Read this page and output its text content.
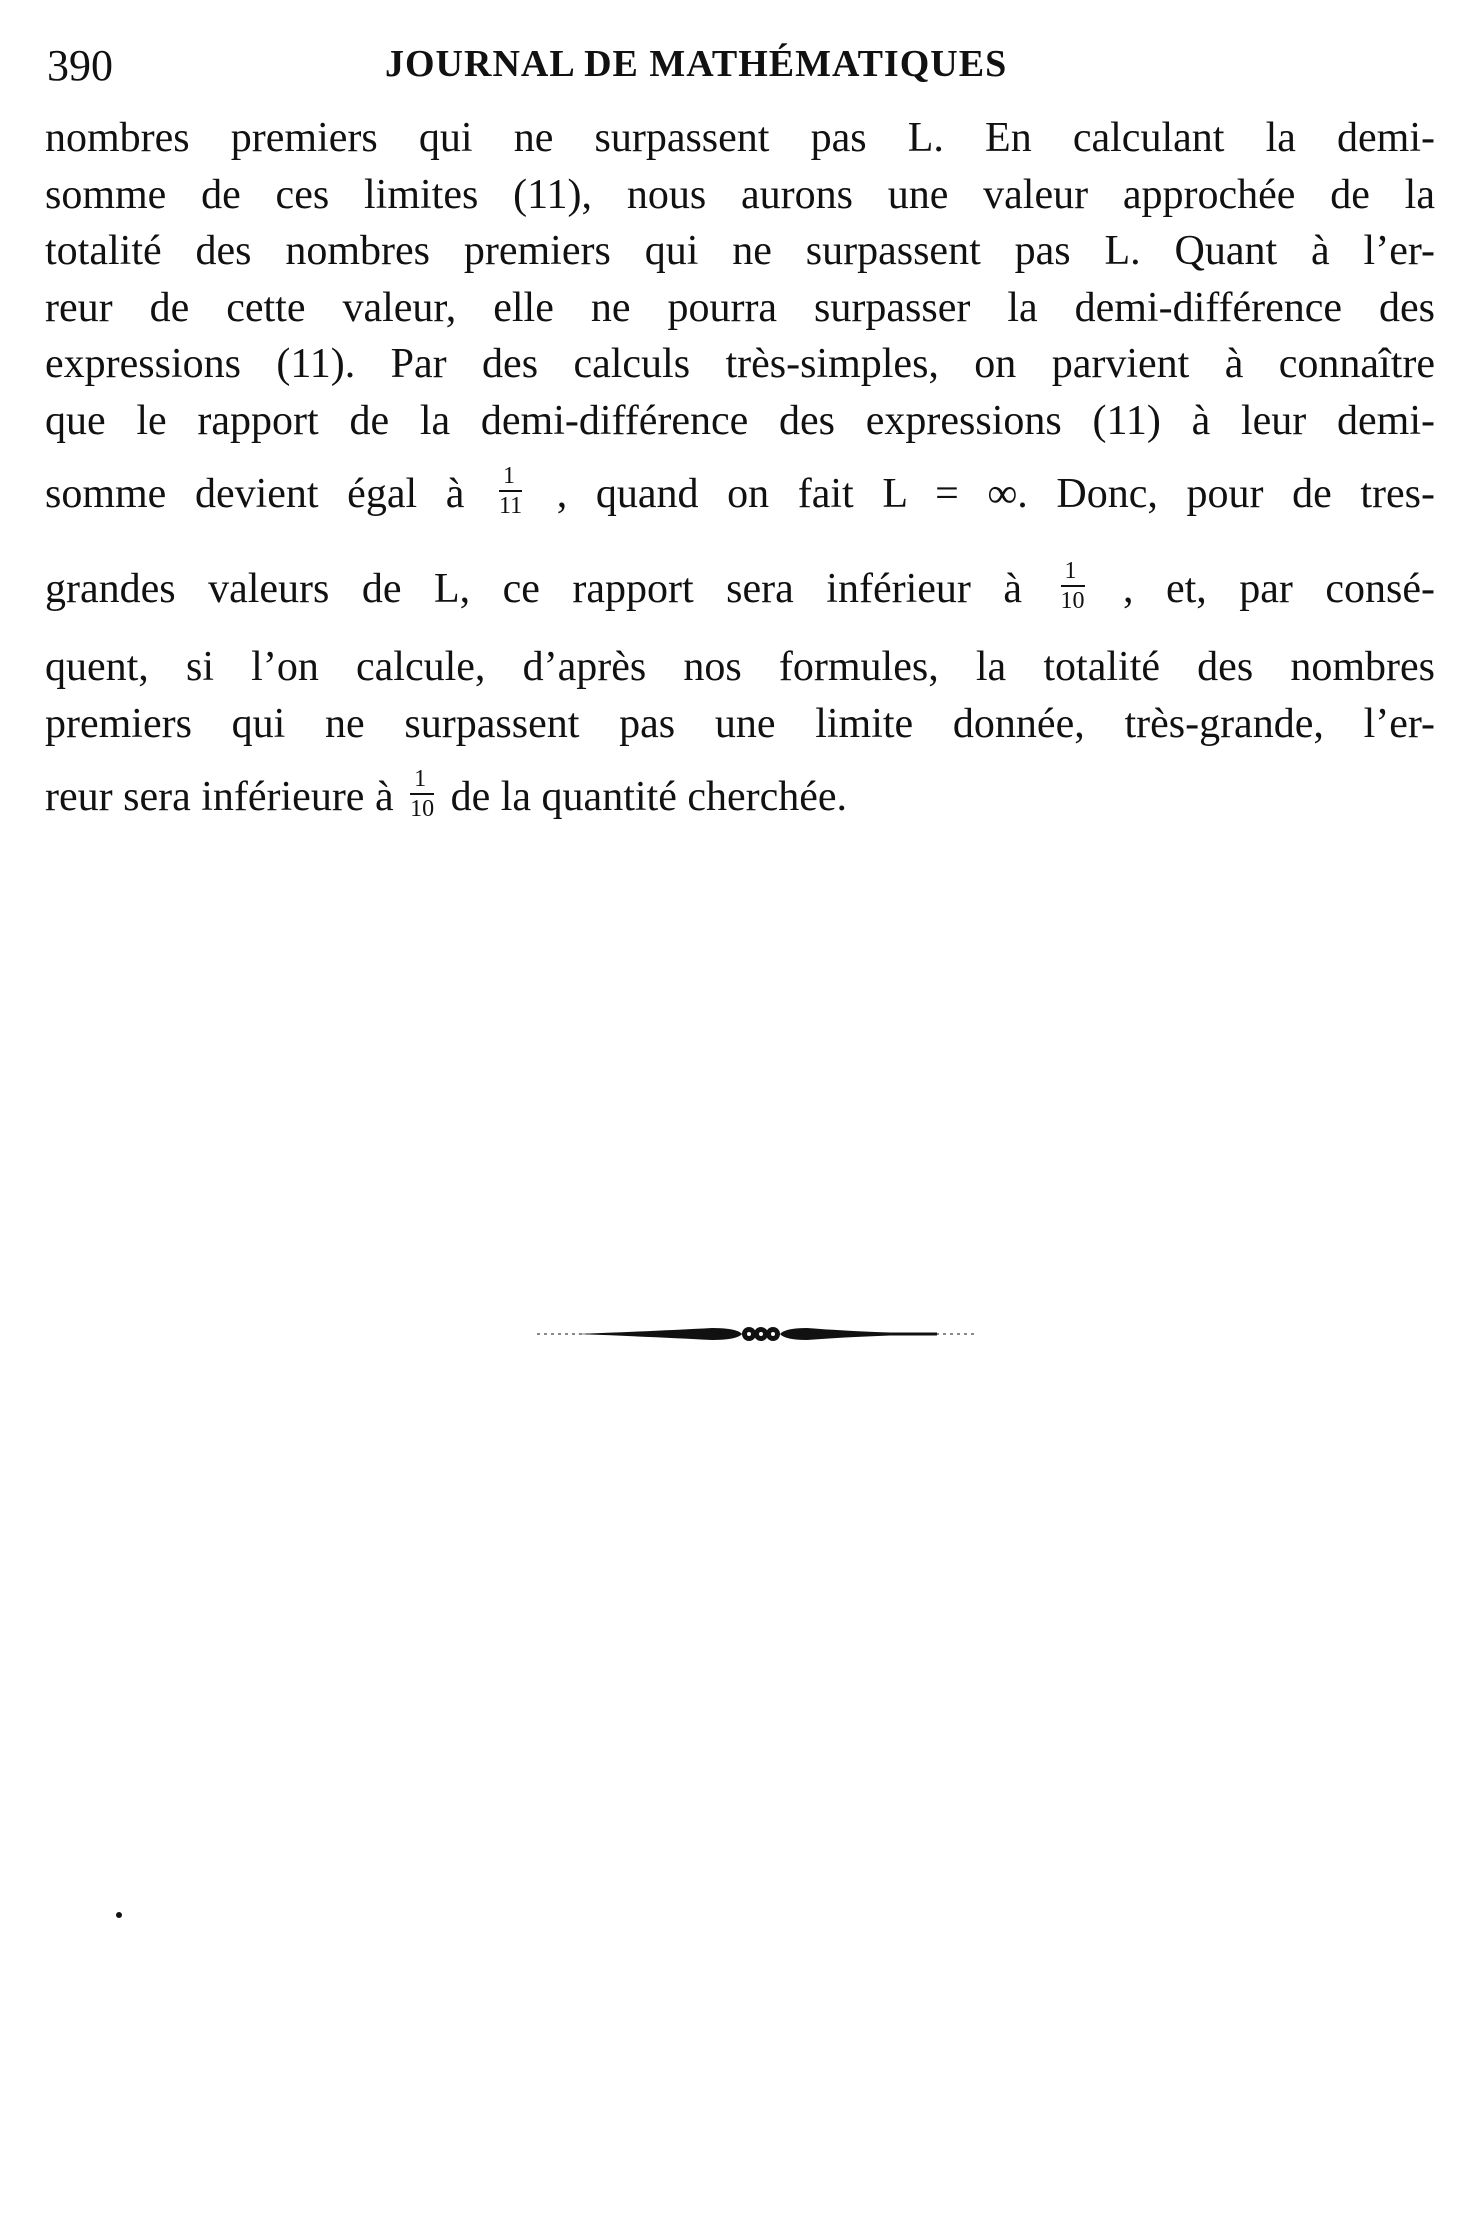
390	JOURNAL DE MATHÉMATIQUES
nombres premiers qui ne surpassent pas L. En calculant la demi-
somme de ces limites (11), nous aurons une valeur approchée de la
totalité des nombres premiers qui ne surpassent pas L. Quant à l’er-
reur de cette valeur, elle ne pourra surpasser la demi-différence des
expressions (11). Par des calculs très-simples, on parvient à connaître
que le rapport de la demi-différence des expressions (11) à leur demi-
somme devient égal à $\frac{1}{11}$ , quand on fait L = ∞. Donc, pour de tres-
grandes valeurs de L, ce rapport sera inférieur à $\frac{1}{10}$ , et, par consé-
quent, si l’on calcule, d’après nos formules, la totalité des nombres
premiers qui ne surpassent pas une limite donnée, très-grande, l’er-
reur sera inférieure à $\frac{1}{10}$ de la quantité cherchée.
